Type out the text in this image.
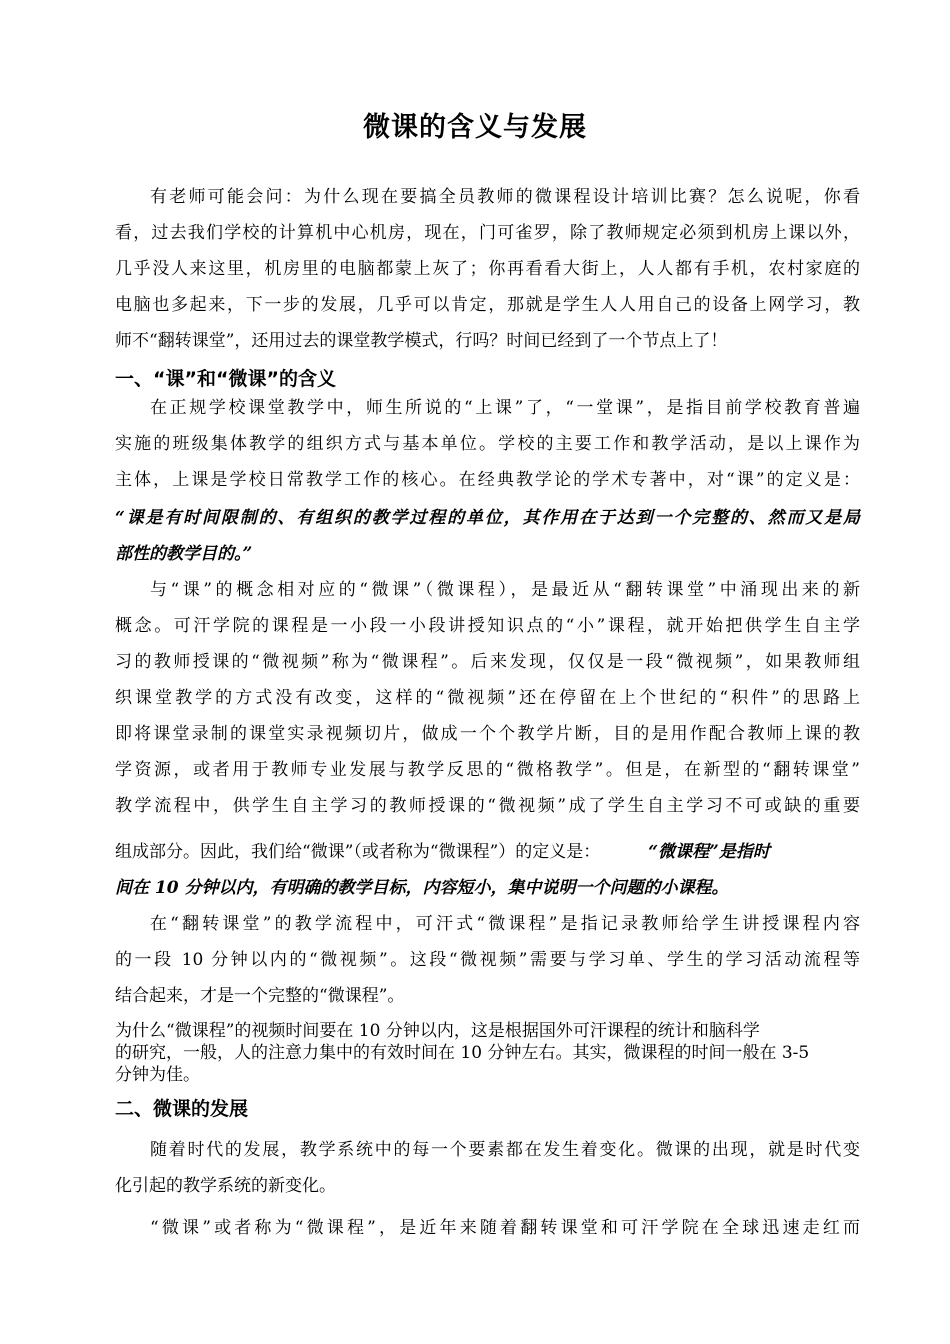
微课的含义与发展
有老师可能会问：为什么现在要搞全员教师的微课程设计培训比赛？怎么说呢，你看
看，过去我们学校的计算机中心机房，现在，门可雀罗，除了教师规定必须到机房上课以外，
几乎没人来这里，机房里的电脑都蒙上灰了；你再看看大街上，人人都有手机，农村家庭的
电脑也多起来，下一步的发展，几乎可以肯定，那就是学生人人用自己的设备上网学习，教
师不“翻转课堂”，还用过去的课堂教学模式，行吗？时间已经到了一个节点上了！
一、“课”和“微课”的含义
在正规学校课堂教学中，师生所说的“上课”了，“一堂课”，是指目前学校教育普遍
实施的班级集体教学的组织方式与基本单位。学校的主要工作和教学活动，是以上课作为
主体，上课是学校日常教学工作的核心。在经典教学论的学术专著中，对“课”的定义是：
“课是有时间限制的、有组织的教学过程的单位，其作用在于达到一个完整的、然而又是局
部性的教学目的。”
与“课”的概念相对应的“微课”（微课程），是最近从“翻转课堂”中涌现出来的新
概念。可汗学院的课程是一小段一小段讲授知识点的“小”课程，就开始把供学生自主学
习的教师授课的“微视频”称为“微课程”。后来发现，仅仅是一段“微视频”，如果教师组
织课堂教学的方式没有改变，这样的“微视频”还在停留在上个世纪的“积件”的思路上
即将课堂录制的课堂实录视频切片，做成一个个教学片断，目的是用作配合教师上课的教
学资源，或者用于教师专业发展与教学反思的“微格教学”。但是，在新型的“翻转课堂”
教学流程中，供学生自主学习的教师授课的“微视频”成了学生自主学习不可或缺的重要
组成部分。因此，我们给“微课”（或者称为“微课程”）的定义是：	“微课程”是指时
间在 10 分钟以内，有明确的教学目标，内容短小，集中说明一个问题的小课程。
在“翻转课堂”的教学流程中，可汗式“微课程”是指记录教师给学生讲授课程内容
的一段 10 分钟以内的“微视频”。这段“微视频”需要与学习单、学生的学习活动流程等
结合起来，才是一个完整的“微课程”。
为什么“微课程”的视频时间要在 10 分钟以内，这是根据国外可汗课程的统计和脑科学
的研究，一般，人的注意力集中的有效时间在 10 分钟左右。其实，微课程的时间一般在 3-5
分钟为佳。
二、微课的发展
随着时代的发展，教学系统中的每一个要素都在发生着变化。微课的出现，就是时代变
化引起的教学系统的新变化。
“微课”或者称为“微课程”，是近年来随着翻转课堂和可汗学院在全球迅速走红而
